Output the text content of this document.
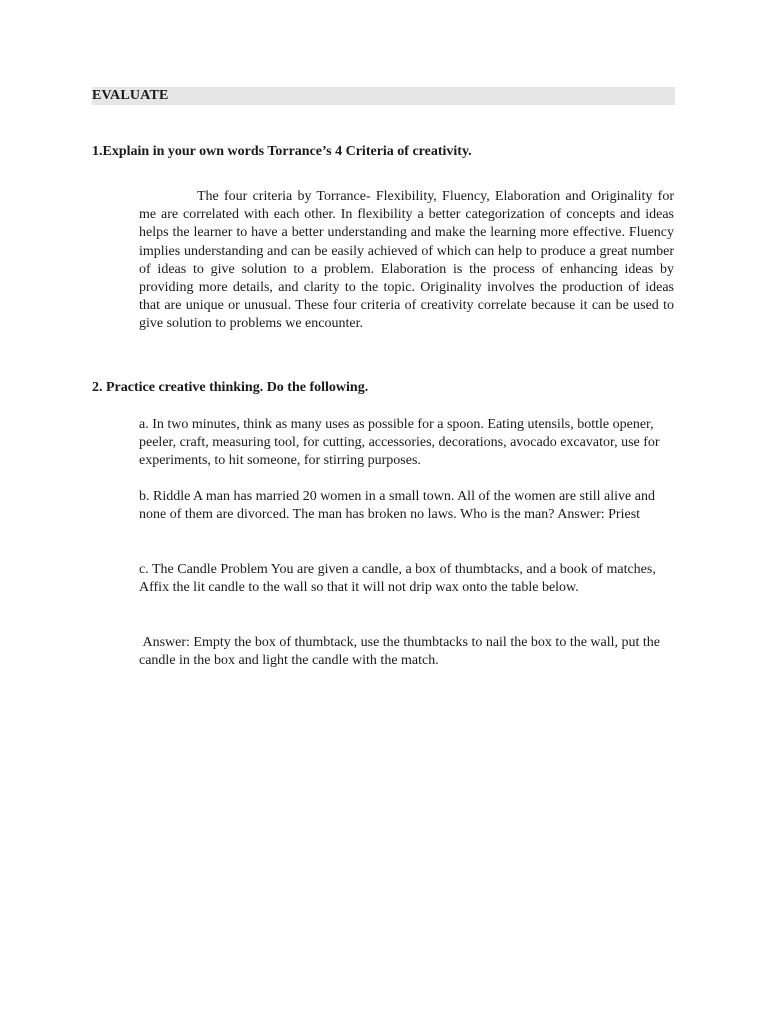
EVALUATE
1.Explain in your own words Torrance’s 4 Criteria of creativity.

The four criteria by Torrance- Flexibility, Fluency, Elaboration and Originality for me are correlated with each other. In flexibility a better categorization of concepts and ideas helps the learner to have a better understanding and make the learning more effective. Fluency implies understanding and can be easily achieved of which can help to produce a great number of ideas to give solution to a problem. Elaboration is the process of enhancing ideas by providing more details, and clarity to the topic. Originality involves the production of ideas that are unique or unusual. These four criteria of creativity correlate because it can be used to give solution to problems we encounter.

2. Practice creative thinking. Do the following.

a. In two minutes, think as many uses as possible for a spoon. Eating utensils, bottle opener, peeler, craft, measuring tool, for cutting, accessories, decorations, avocado excavator, use for experiments, to hit someone, for stirring purposes.

b. Riddle A man has married 20 women in a small town. All of the women are still alive and none of them are divorced. The man has broken no laws. Who is the man? Answer: Priest

c. The Candle Problem You are given a candle, a box of thumbtacks, and a book of matches, Affix the lit candle to the wall so that it will not drip wax onto the table below.

Answer: Empty the box of thumbtack, use the thumbtacks to nail the box to the wall, put the candle in the box and light the candle with the match.
